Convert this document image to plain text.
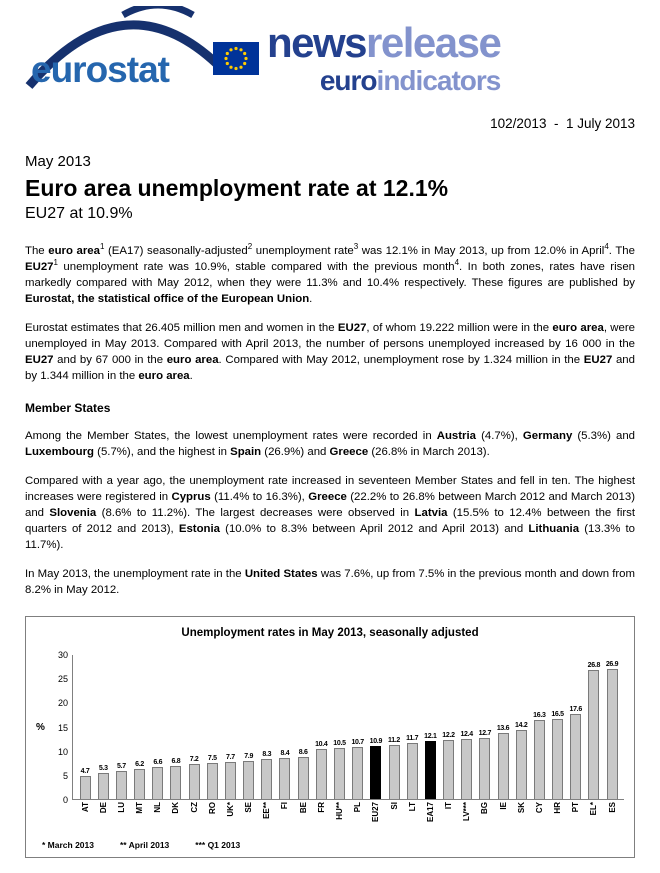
eurostat
newsrelease
euroindicators
102/2013  -  1 July 2013
May 2013
Euro area unemployment rate at 12.1%
EU27 at 10.9%

The euro area$^1$ (EA17) seasonally-adjusted$^2$ unemployment rate$^3$ was 12.1% in May 2013, up from 12.0% in April$^4$. The $EU27^1$ unemployment rate was 10.9%, stable compared with the previous month$^4$. In both zones, rates have risen markedly compared with May 2012, when they were 11.3% and 10.4% respectively. These figures are published by Eurostat, the statistical office of the European Union.

Eurostat estimates that 26.405 million men and women in the EU27, of whom 19.222 million were in the euro area, were unemployed in May 2013. Compared with April 2013, the number of persons unemployed increased by 16 000 in the EU27 and by 67 000 in the euro area. Compared with May 2012, unemployment rose by 1.324 million in the EU27 and by 1.344 million in the euro area.

Member States

Among the Member States, the lowest unemployment rates were recorded in Austria (4.7%), Germany (5.3%) and Luxembourg (5.7%), and the highest in Spain (26.9%) and Greece (26.8% in March 2013).

Compared with a year ago, the unemployment rate increased in seventeen Member States and fell in ten. The highest increases were registered in Cyprus (11.4% to 16.3%), Greece (22.2% to 26.8% between March 2012 and March 2013) and Slovenia (8.6% to 11.2%). The largest decreases were observed in Latvia (15.5% to 12.4% between the first quarters of 2012 and 2013), Estonia (10.0% to 8.3% between April 2012 and April 2013) and Lithuania (13.3% to 11.7%).

In May 2013, the unemployment rate in the United States was 7.6%, up from 7.5% in the previous month and down from 8.2% in May 2012.

Unemployment rates in May 2013, seasonally adjusted
%
0
5
10
15
20
25
30
4.7 5.3 5.7 6.2 6.6 6.8 7.2 7.5 7.7 7.9 8.3 8.4 8.6
10.4 10.5 10.7 10.9 11.2 11.7 12.1 12.2 12.4 12.7
13.6 14.2
16.3 16.5
17.6
26.8 26.9
AT DE LU MT NL DK CZ RO UK* SE EE** FI BE FR HU** PL EU27 SI LT EA17 IT LV*** BG IE SK CY HR PT EL* ES
* March 2013	** April 2013	*** Q1 2013
